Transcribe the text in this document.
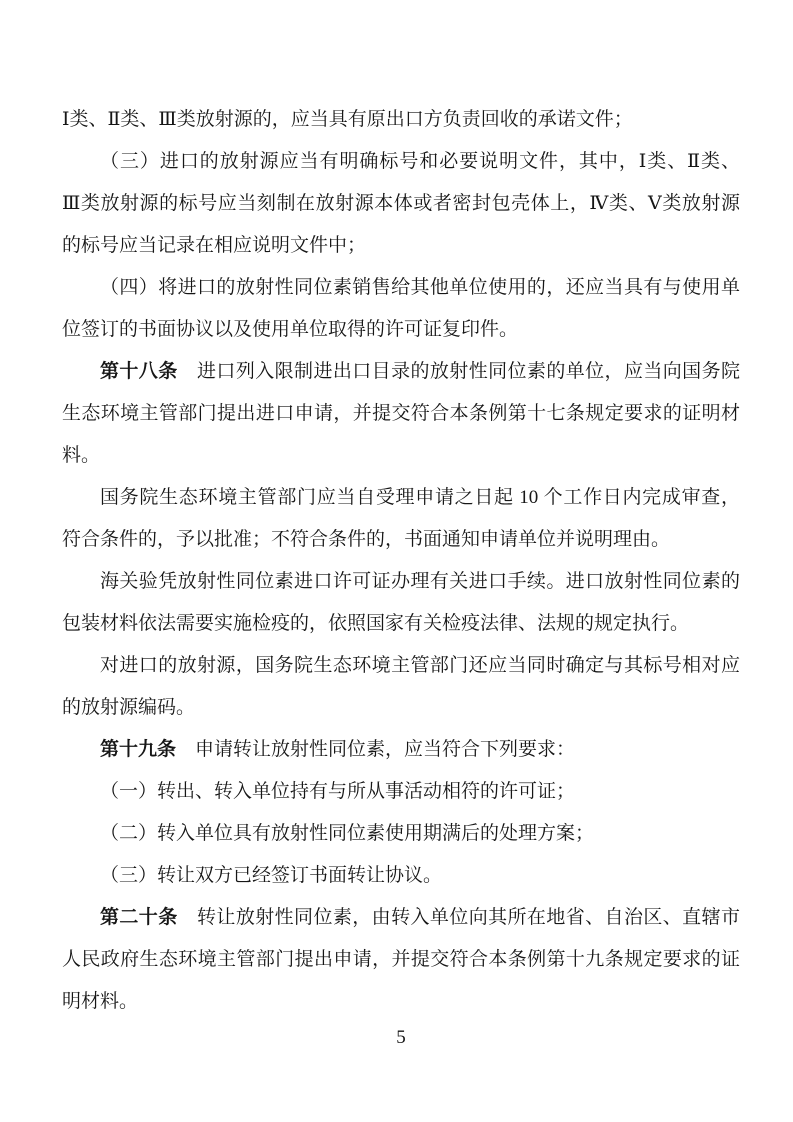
Ⅰ类、Ⅱ类、Ⅲ类放射源的，应当具有原出口方负责回收的承诺文件；
（三）进口的放射源应当有明确标号和必要说明文件，其中，Ⅰ类、Ⅱ类、
Ⅲ类放射源的标号应当刻制在放射源本体或者密封包壳体上，Ⅳ类、Ⅴ类放射源
的标号应当记录在相应说明文件中；
（四）将进口的放射性同位素销售给其他单位使用的，还应当具有与使用单
位签订的书面协议以及使用单位取得的许可证复印件。
第十八条　进口列入限制进出口目录的放射性同位素的单位，应当向国务院
生态环境主管部门提出进口申请，并提交符合本条例第十七条规定要求的证明材
料。
国务院生态环境主管部门应当自受理申请之日起 10 个工作日内完成审查，
符合条件的，予以批准；不符合条件的，书面通知申请单位并说明理由。
海关验凭放射性同位素进口许可证办理有关进口手续。进口放射性同位素的
包装材料依法需要实施检疫的，依照国家有关检疫法律、法规的规定执行。
对进口的放射源，国务院生态环境主管部门还应当同时确定与其标号相对应
的放射源编码。
第十九条　申请转让放射性同位素，应当符合下列要求：
（一）转出、转入单位持有与所从事活动相符的许可证；
（二）转入单位具有放射性同位素使用期满后的处理方案；
（三）转让双方已经签订书面转让协议。
第二十条　转让放射性同位素，由转入单位向其所在地省、自治区、直辖市
人民政府生态环境主管部门提出申请，并提交符合本条例第十九条规定要求的证
明材料。
5
